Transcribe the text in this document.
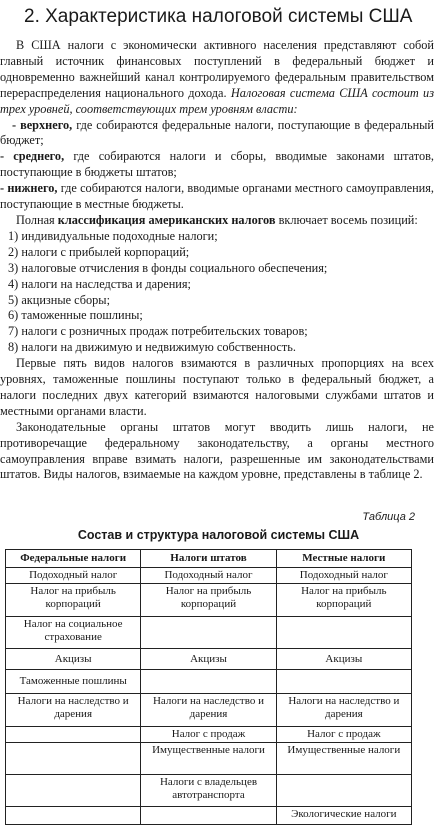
2. Характеристика налоговой системы США

В США налоги с экономически активного населения представляют собой главный источник финансовых поступлений в федеральный бюджет и одновременно важнейший канал контролируемого федеральным правительством перераспределения национального дохода. Налоговая система США состоит из трех уровней, соответствующих трем уровням власти:

- верхнего, где собираются федеральные налоги, поступающие в федеральный бюджет;

- среднего, где собираются налоги и сборы, вводимые законами штатов, поступающие в бюджеты штатов;

- нижнего, где собираются налоги, вводимые органами местного самоуправления, поступающие в местные бюджеты.

Полная классификация американских налогов включает восемь позиций:

1) индивидуальные подоходные налоги;

2) налоги с прибылей корпораций;

3) налоговые отчисления в фонды социального обеспечения;

4) налоги на наследства и дарения;

5) акцизные сборы;

6) таможенные пошлины;

7) налоги с розничных продаж потребительских товаров;

8) налоги на движимую и недвижимую собственность.

Первые пять видов налогов взимаются в различных пропорциях на всех уровнях, таможенные пошлины поступают только в федеральный бюджет, а налоги последних двух категорий взимаются налоговыми службами штатов и местными органами власти.

Законодательные органы штатов могут вводить лишь налоги, не противоречащие федеральному законодательству, а органы местного самоуправления вправе взимать налоги, разрешенные им законодательствами штатов. Виды налогов, взимаемые на каждом уровне, представлены в таблице 2.

Таблица 2
Состав и структура налоговой системы США
Федеральные налоги	Налоги штатов	Местные налоги
Подоходный налог	Подоходный налог	Подоходный налог
Налог на прибыль корпораций	Налог на прибыль корпораций	Налог на прибыль корпораций
Налог на социальное страхование		
Акцизы	Акцизы	Акцизы
Таможенные пошлины		
Налоги на наследство и дарения	Налоги на наследство и дарения	Налоги на наследство и дарения
	Налог с продаж	Налог с продаж
	Имущественные налоги	Имущественные налоги
	Налоги с владельцев автотранспорта	
		Экологические налоги
